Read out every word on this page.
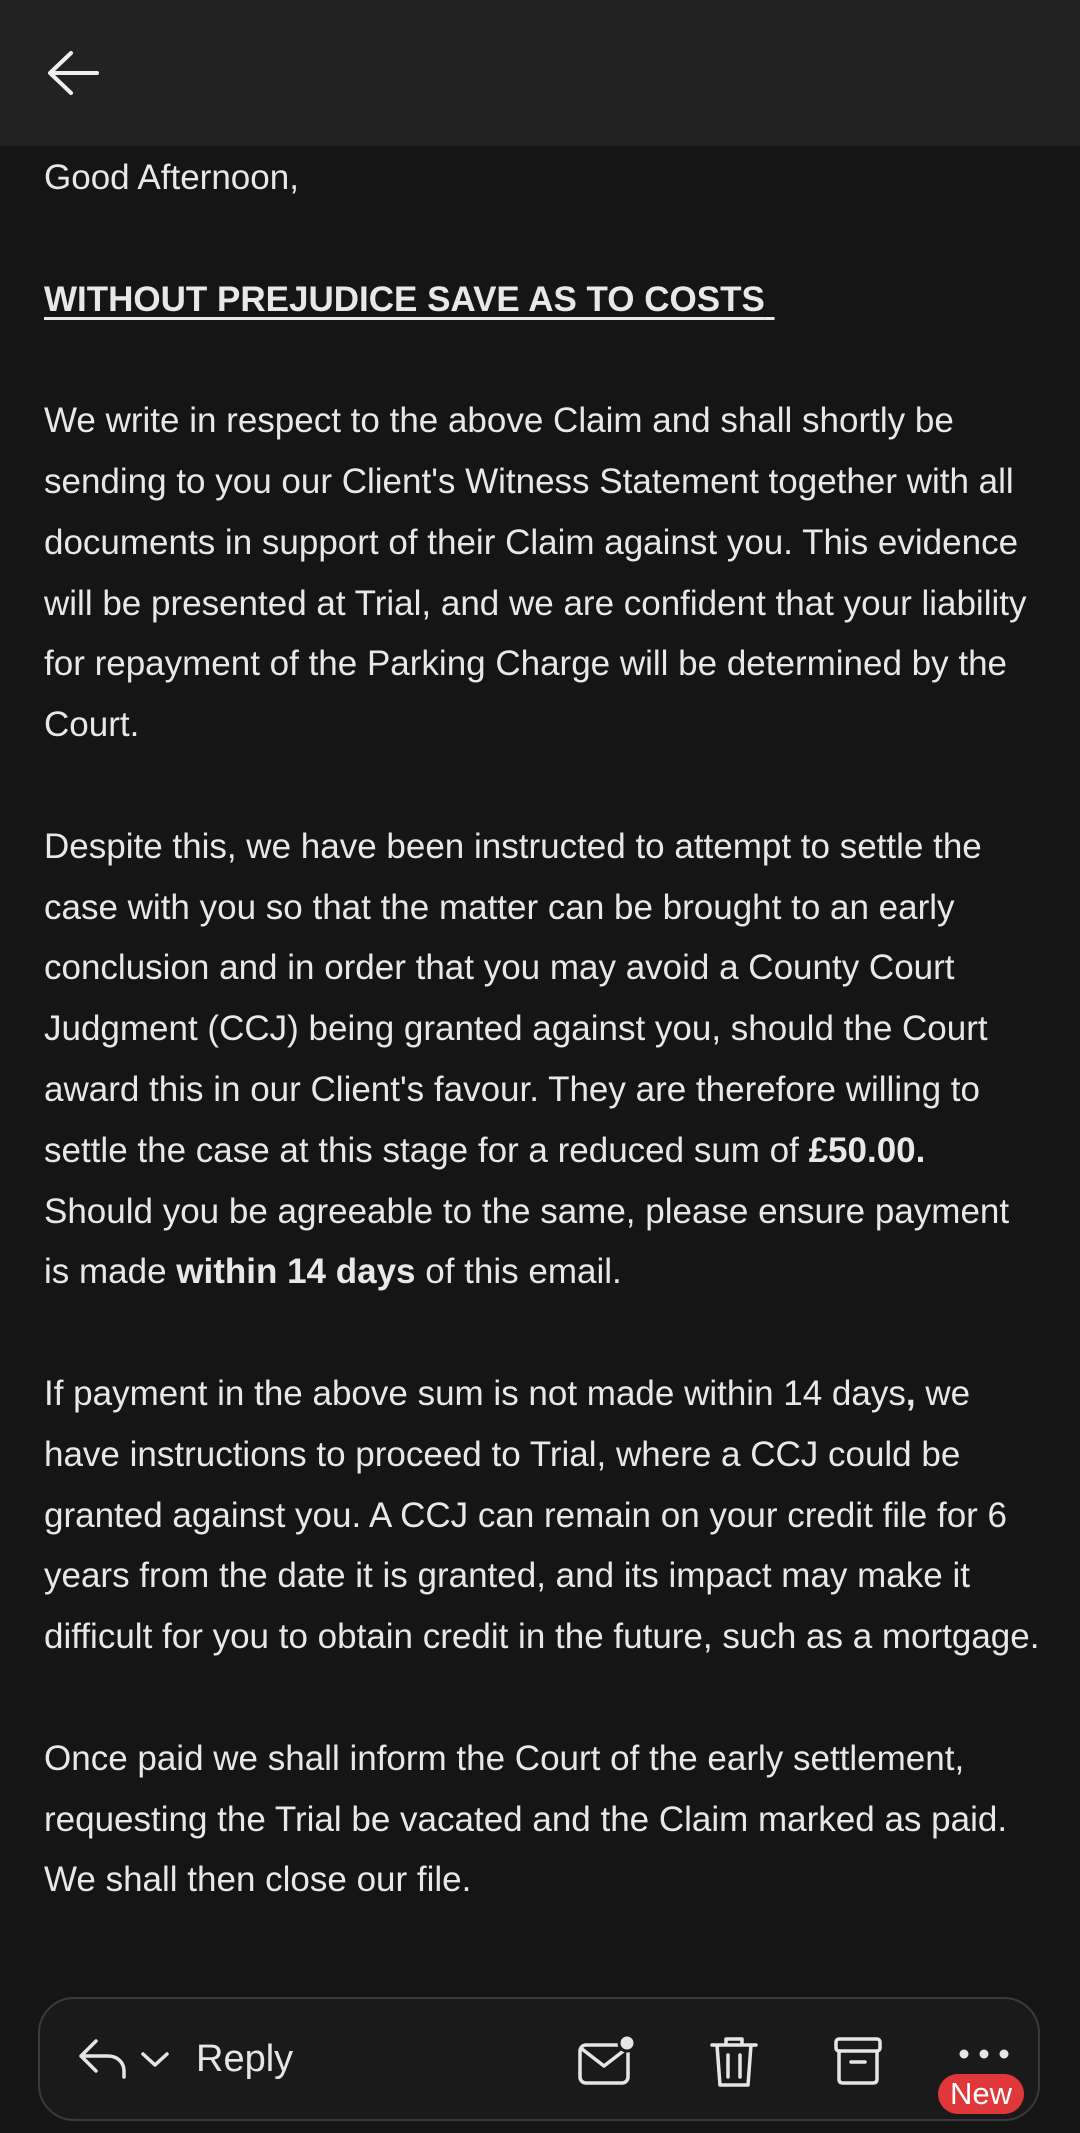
Good Afternoon,

WITHOUT PREJUDICE SAVE AS TO COSTS

We write in respect to the above Claim and shall shortly be sending to you our Client's Witness Statement together with all documents in support of their Claim against you. This evidence will be presented at Trial, and we are confident that your liability for repayment of the Parking Charge will be determined by the Court.

Despite this, we have been instructed to attempt to settle the case with you so that the matter can be brought to an early conclusion and in order that you may avoid a County Court Judgment (CCJ) being granted against you, should the Court award this in our Client's favour. They are therefore willing to settle the case at this stage for a reduced sum of £50.00. Should you be agreeable to the same, please ensure payment is made within 14 days of this email.

If payment in the above sum is not made within 14 days, we have instructions to proceed to Trial, where a CCJ could be granted against you. A CCJ can remain on your credit file for 6 years from the date it is granted, and its impact may make it difficult for you to obtain credit in the future, such as a mortgage.

Once paid we shall inform the Court of the early settlement, requesting the Trial be vacated and the Claim marked as paid. We shall then close our file.

Reply
New
